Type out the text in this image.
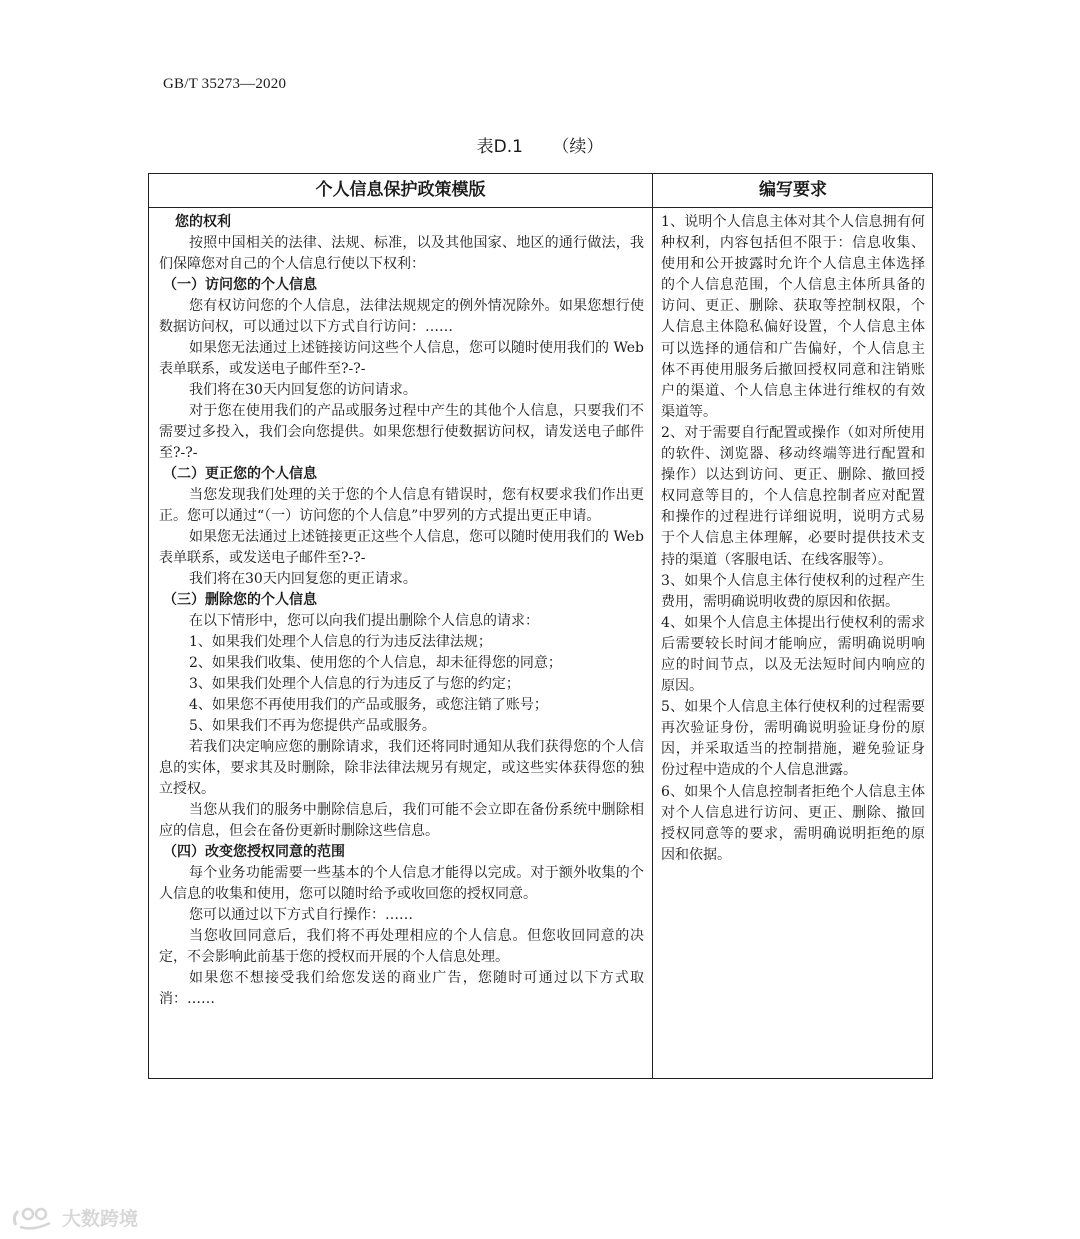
GB/T 35273—2020
表D.1 （续）
个人信息保护政策模版	编写要求

您的权利

按照中国相关的法律、法规、标准，以及其他国家、地区的通行做法，我们保障您对自己的个人信息行使以下权利：

（一）访问您的个人信息

您有权访问您的个人信息，法律法规规定的例外情况除外。如果您想行使数据访问权，可以通过以下方式自行访问：……

如果您无法通过上述链接访问这些个人信息，您可以随时使用我们的 Web 表单联系，或发送电子邮件至?-?-

我们将在30天内回复您的访问请求。

对于您在使用我们的产品或服务过程中产生的其他个人信息，只要我们不需要过多投入，我们会向您提供。如果您想行使数据访问权，请发送电子邮件至?-?-

（二）更正您的个人信息

当您发现我们处理的关于您的个人信息有错误时，您有权要求我们作出更正。您可以通过“（一）访问您的个人信息”中罗列的方式提出更正申请。

如果您无法通过上述链接更正这些个人信息，您可以随时使用我们的 Web 表单联系，或发送电子邮件至?-?-

我们将在30天内回复您的更正请求。

（三）删除您的个人信息

在以下情形中，您可以向我们提出删除个人信息的请求：

1、如果我们处理个人信息的行为违反法律法规；

2、如果我们收集、使用您的个人信息，却未征得您的同意；

3、如果我们处理个人信息的行为违反了与您的约定；

4、如果您不再使用我们的产品或服务，或您注销了账号；

5、如果我们不再为您提供产品或服务。

若我们决定响应您的删除请求，我们还将同时通知从我们获得您的个人信息的实体，要求其及时删除，除非法律法规另有规定，或这些实体获得您的独立授权。

当您从我们的服务中删除信息后，我们可能不会立即在备份系统中删除相应的信息，但会在备份更新时删除这些信息。

（四）改变您授权同意的范围

每个业务功能需要一些基本的个人信息才能得以完成。对于额外收集的个人信息的收集和使用，您可以随时给予或收回您的授权同意。

您可以通过以下方式自行操作：……

当您收回同意后，我们将不再处理相应的个人信息。但您收回同意的决定，不会影响此前基于您的授权而开展的个人信息处理。

如果您不想接受我们给您发送的商业广告，您随时可通过以下方式取消：……

1、说明个人信息主体对其个人信息拥有何种权利，内容包括但不限于：信息收集、使用和公开披露时允许个人信息主体选择的个人信息范围，个人信息主体所具备的访问、更正、删除、获取等控制权限，个人信息主体隐私偏好设置，个人信息主体可以选择的通信和广告偏好，个人信息主体不再使用服务后撤回授权同意和注销账户的渠道、个人信息主体进行维权的有效渠道等。

2、对于需要自行配置或操作（如对所使用的软件、浏览器、移动终端等进行配置和操作）以达到访问、更正、删除、撤回授权同意等目的，个人信息控制者应对配置和操作的过程进行详细说明，说明方式易于个人信息主体理解，必要时提供技术支持的渠道（客服电话、在线客服等）。

3、如果个人信息主体行使权利的过程产生费用，需明确说明收费的原因和依据。

4、如果个人信息主体提出行使权利的需求后需要较长时间才能响应，需明确说明响应的时间节点，以及无法短时间内响应的原因。

5、如果个人信息主体行使权利的过程需要再次验证身份，需明确说明验证身份的原因，并采取适当的控制措施，避免验证身份过程中造成的个人信息泄露。

6、如果个人信息控制者拒绝个人信息主体对个人信息进行访问、更正、删除、撤回授权同意等的要求，需明确说明拒绝的原因和依据。

大数跨境
